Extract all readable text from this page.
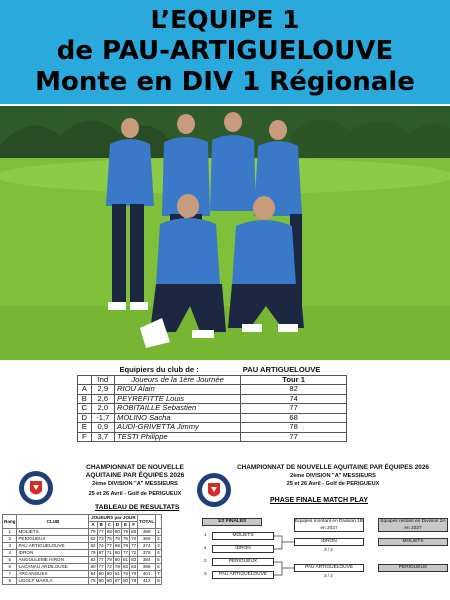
L’EQUIPE 1
de PAU-ARTIGUELOUVE
Monte en DIV 1 Régionale
Equipiers du club de :			PAU ARTIGUELOUVE
	Ind	Joueurs de la 1ère Journée	Tour 1
A	2,9	RIOU Alain	82
B	2,6	PEYREFITTE Louis	74
C	2,0	ROBITAILLE Sebastien	77
D	-1,7	MOLINO Sacha	68
E	0,9	AUDI-GRIVETTA Jimmy	78
F	3,7	TESTI Philippe	77
CHAMPIONNAT DE NOUVELLE
AQUITAINE PAR ÉQUIPES 2026
2ème DIVISION "A" MESSIEURS
25 et 26 Avril - Golf de PERIGUEUX
TABLEAU DE RESULTATS
Rang	CLUB	JOUEURS par JOUR						TOTAL	
		A	B	C	D	E	F		
1	MOLIETS	79	77	68	80	79	85	388	1
2	PERIGUEUX	82	73	75	79	75	70	369	2
3	PAU ARTIGUELOUVE	82	74	77	68	78	77	374	3
4	IDRON	79	87	71	80	77	72	378	4
5	ANGOULEME HIRON	82	77	79	80	81	83	384	5
6	LACANAU ARDILOUSE	80	77	72	78	82	83	389	6
7	ARCANGUES	84	80	80	81	76	79	401	7
8	UGOLF MARILA	76	80	80	87	80	79	412	8
CHAMPIONNAT DE NOUVELLE AQUITAINE PAR ÉQUIPES 2026
2ème DIVISION "A" MESSIEURS
25 et 26 Avril - Golf de PERIGUEUX
PHASE FINALE MATCH PLAY
1/2 FINALES	Equipes montant en Division 1B en 2027
Equipes restant en Division 2A en 2027
1	MOLIETS
4	IDRON
IDRON
3 / 2
MOLIETS
2	PERIGUEUX
3	PAU ARTIGUELOUVE
PAU ARTIGUELOUVE
3 / 2
PERIGUEUX
